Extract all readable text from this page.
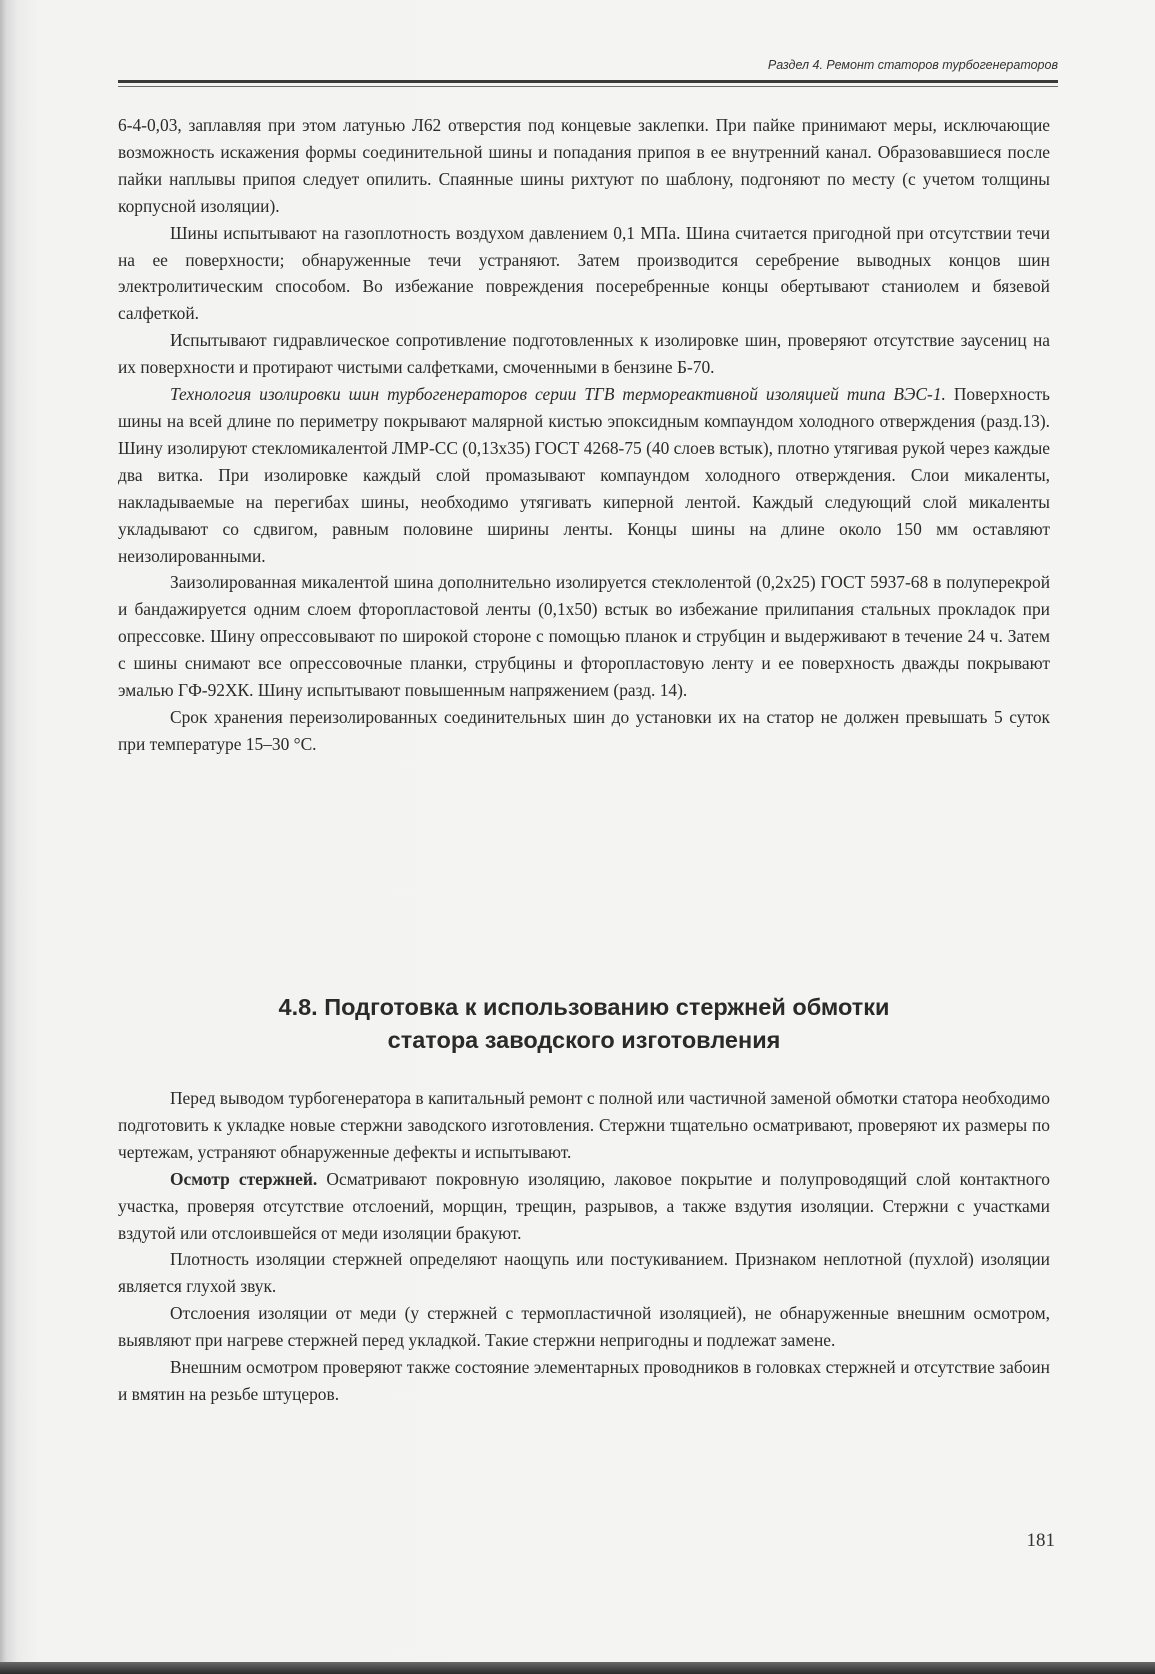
Раздел 4. Ремонт статоров турбогенераторов

6-4-0,03, заплавляя при этом латунью Л62 отверстия под концевые заклепки. При пайке принимают меры, исключающие возможность искажения формы соединительной шины и попадания припоя в ее внутренний канал. Образовавшиеся после пайки наплывы припоя следует опилить. Спаянные шины рихтуют по шаблону, подгоняют по месту (с учетом толщины корпусной изоляции).

Шины испытывают на газоплотность воздухом давлением 0,1 МПа. Шина считается пригодной при отсутствии течи на ее поверхности; обнаруженные течи устраняют. Затем производится серебрение выводных концов шин электролитическим способом. Во избежание повреждения посеребренные концы обертывают станиолем и бязевой салфеткой.

Испытывают гидравлическое сопротивление подготовленных к изолировке шин, проверяют отсутствие заусениц на их поверхности и протирают чистыми салфетками, смоченными в бензине Б-70.

Технология изолировки шин турбогенераторов серии ТГВ термореактивной изоляцией типа ВЭС-1. Поверхность шины на всей длине по периметру покрывают малярной кистью эпоксидным компаундом холодного отверждения (разд.13). Шину изолируют стекломикалентой ЛМР-СС (0,13х35) ГОСТ 4268-75 (40 слоев встык), плотно утягивая рукой через каждые два витка. При изолировке каждый слой промазывают компаундом холодного отверждения. Слои микаленты, накладываемые на перегибах шины, необходимо утягивать киперной лентой. Каждый следующий слой микаленты укладывают со сдвигом, равным половине ширины ленты. Концы шины на длине около 150 мм оставляют неизолированными.

Заизолированная микалентой шина дополнительно изолируется стеклолентой (0,2х25) ГОСТ 5937-68 в полуперекрой и бандажируется одним слоем фторопластовой ленты (0,1х50) встык во избежание прилипания стальных прокладок при опрессовке. Шину опрессовывают по широкой стороне с помощью планок и струбцин и выдерживают в течение 24 ч. Затем с шины снимают все опрессовочные планки, струбцины и фторопластовую ленту и ее поверхность дважды покрывают эмалью ГФ-92ХК. Шину испытывают повышенным напряжением (разд. 14).

Срок хранения переизолированных соединительных шин до установки их на статор не должен превышать 5 суток при температуре 15–30 °С.

4.8. Подготовка к использованию стержней обмотки
статора заводского изготовления

Перед выводом турбогенератора в капитальный ремонт с полной или частичной заменой обмотки статора необходимо подготовить к укладке новые стержни заводского изготовления. Стержни тщательно осматривают, проверяют их размеры по чертежам, устраняют обнаруженные дефекты и испытывают.

Осмотр стержней. Осматривают покровную изоляцию, лаковое покрытие и полупроводящий слой контактного участка, проверяя отсутствие отслоений, морщин, трещин, разрывов, а также вздутия изоляции. Стержни с участками вздутой или отслоившейся от меди изоляции бракуют.

Плотность изоляции стержней определяют наощупь или постукиванием. Признаком неплотной (пухлой) изоляции является глухой звук.

Отслоения изоляции от меди (у стержней с термопластичной изоляцией), не обнаруженные внешним осмотром, выявляют при нагреве стержней перед укладкой. Такие стержни непригодны и подлежат замене.

Внешним осмотром проверяют также состояние элементарных проводников в головках стержней и отсутствие забоин и вмятин на резьбе штуцеров.

181
